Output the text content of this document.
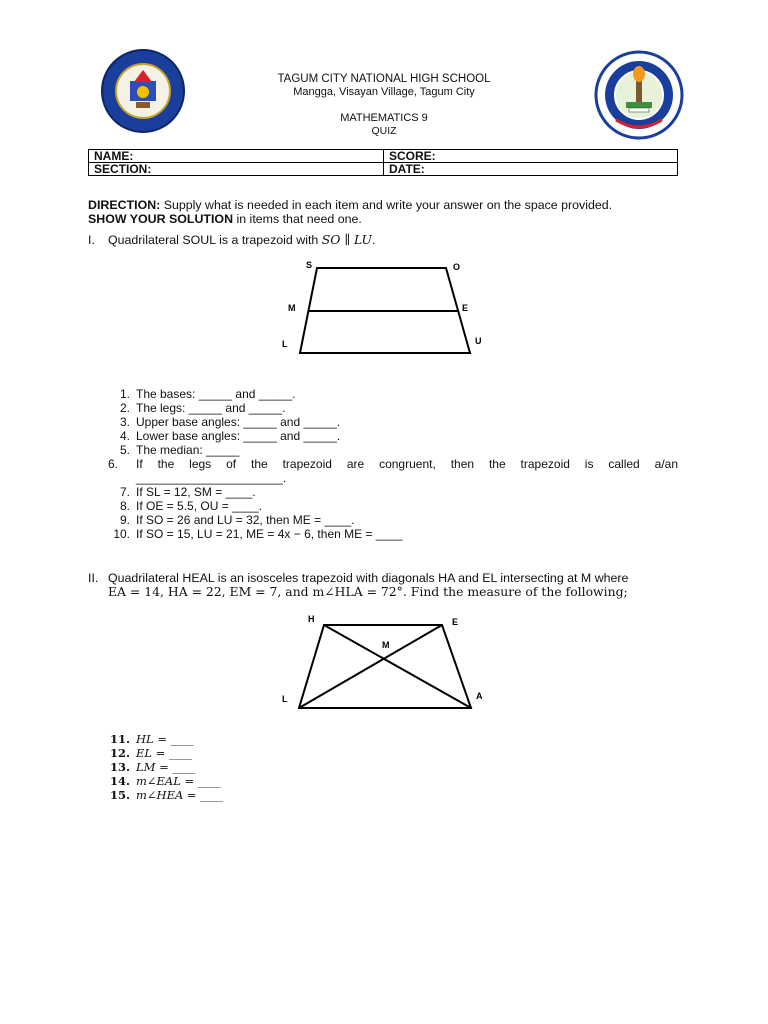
TAGUM CITY NATIONAL HIGH SCHOOL
Mangga, Visayan Village, Tagum City
MATHEMATICS 9
QUIZ
NAME:	SCORE:
SECTION:	DATE:
DIRECTION: Supply what is needed in each item and write your answer on the space provided.
SHOW YOUR SOLUTION in items that need one.
I. Quadrilateral SOUL is a trapezoid with SO ∥ LU.
S	O
M	E
L	U
1. The bases: _____ and _____.
2. The legs: _____ and _____.
3. Upper base angles: _____ and _____.
4. Lower base angles: _____ and _____.
5. The median: _____
6. If the legs of the trapezoid are congruent, then the trapezoid is called a/an
______________________.
7. If SL = 12, SM = ____.
8. If OE = 5.5, OU = ____.
9. If SO = 26 and LU = 32, then ME = ____.
10. If SO = 15, LU = 21, ME = 4x − 6, then ME = ____
II. Quadrilateral HEAL is an isosceles trapezoid with diagonals HA and EL intersecting at M where
EA = 14, HA = 22, EM = 7, and m∠HLA = 72°. Find the measure of the following;
H	E
M
L	A
11. HL = ____
12. EL = ____
13. LM = ____
14. m∠EAL = ____
15. m∠HEA = ____
